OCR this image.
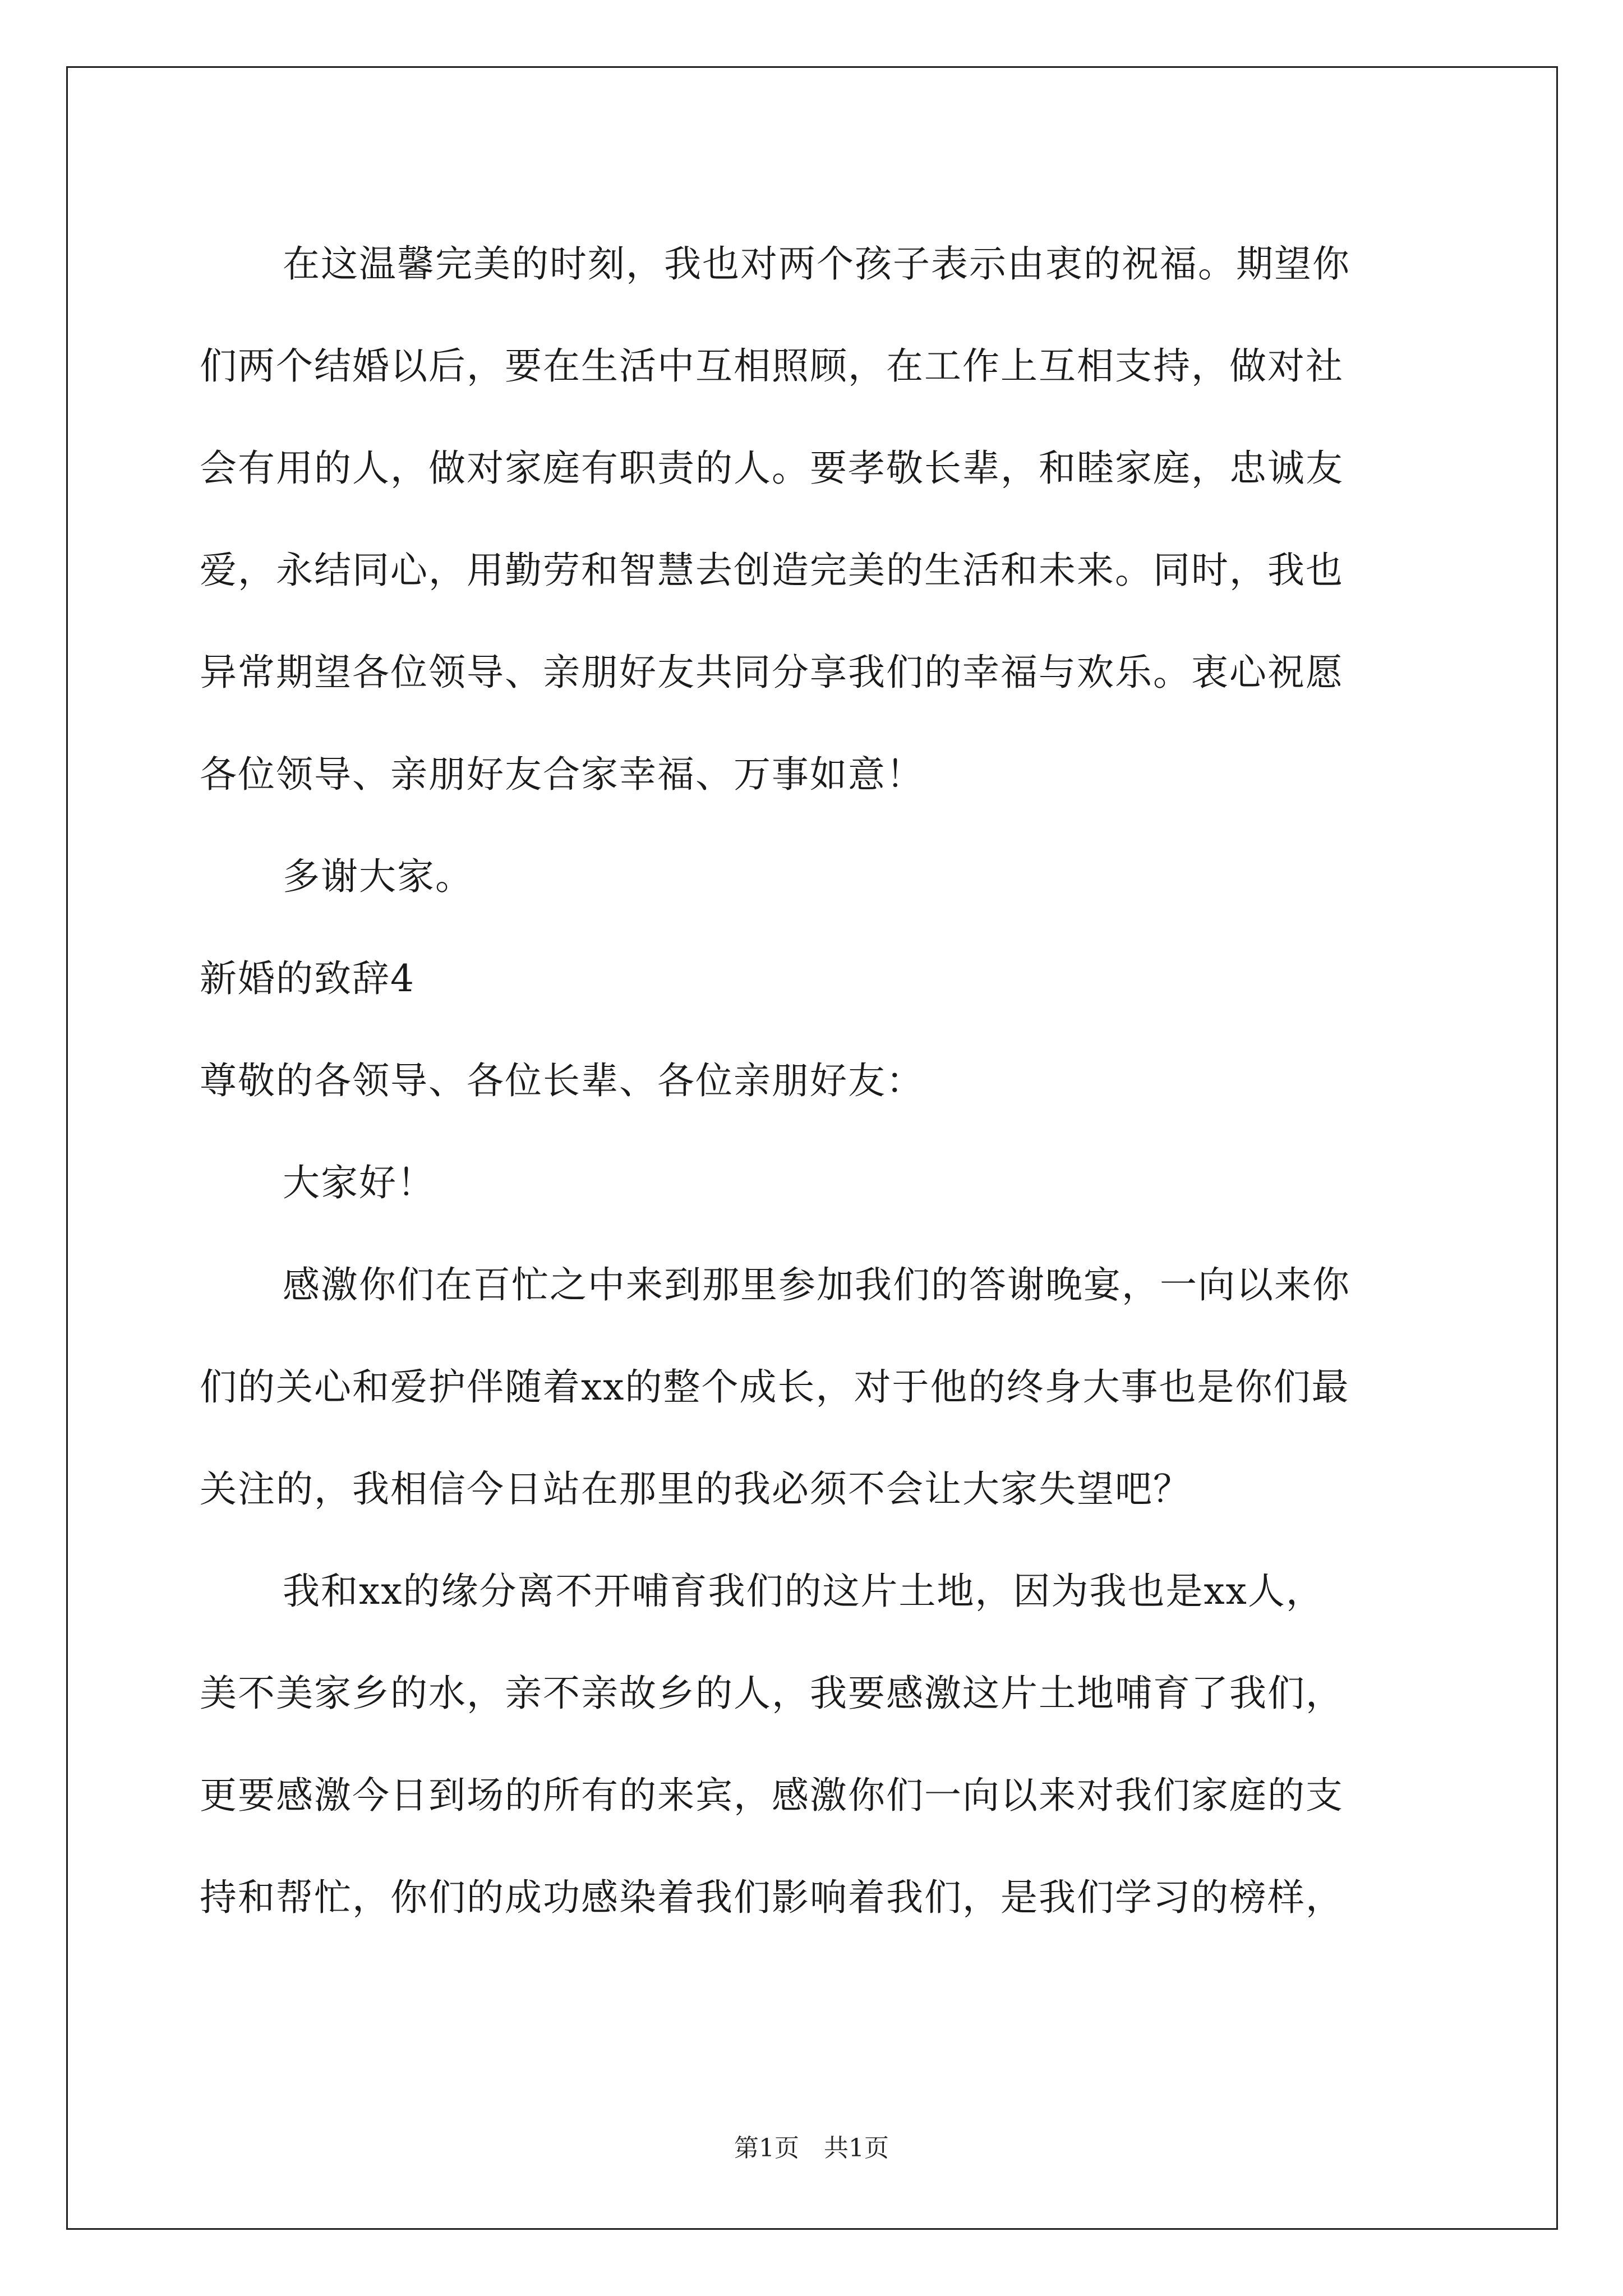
在这温馨完美的时刻，我也对两个孩子表示由衷的祝福。期望你
们两个结婚以后，要在生活中互相照顾，在工作上互相支持，做对社
会有用的人，做对家庭有职责的人。要孝敬长辈，和睦家庭，忠诚友
爱，永结同心，用勤劳和智慧去创造完美的生活和未来。同时，我也
异常期望各位领导、亲朋好友共同分享我们的幸福与欢乐。衷心祝愿
各位领导、亲朋好友合家幸福、万事如意！
多谢大家。
新婚的致辞4
尊敬的各领导、各位长辈、各位亲朋好友：
大家好！
感激你们在百忙之中来到那里参加我们的答谢晚宴，一向以来你
们的关心和爱护伴随着xx的整个成长，对于他的终身大事也是你们最
关注的，我相信今日站在那里的我必须不会让大家失望吧？
我和xx的缘分离不开哺育我们的这片土地，因为我也是xx人，
美不美家乡的水，亲不亲故乡的人，我要感激这片土地哺育了我们，
更要感激今日到场的所有的来宾，感激你们一向以来对我们家庭的支
持和帮忙，你们的成功感染着我们影响着我们，是我们学习的榜样，
第1页　共1页
